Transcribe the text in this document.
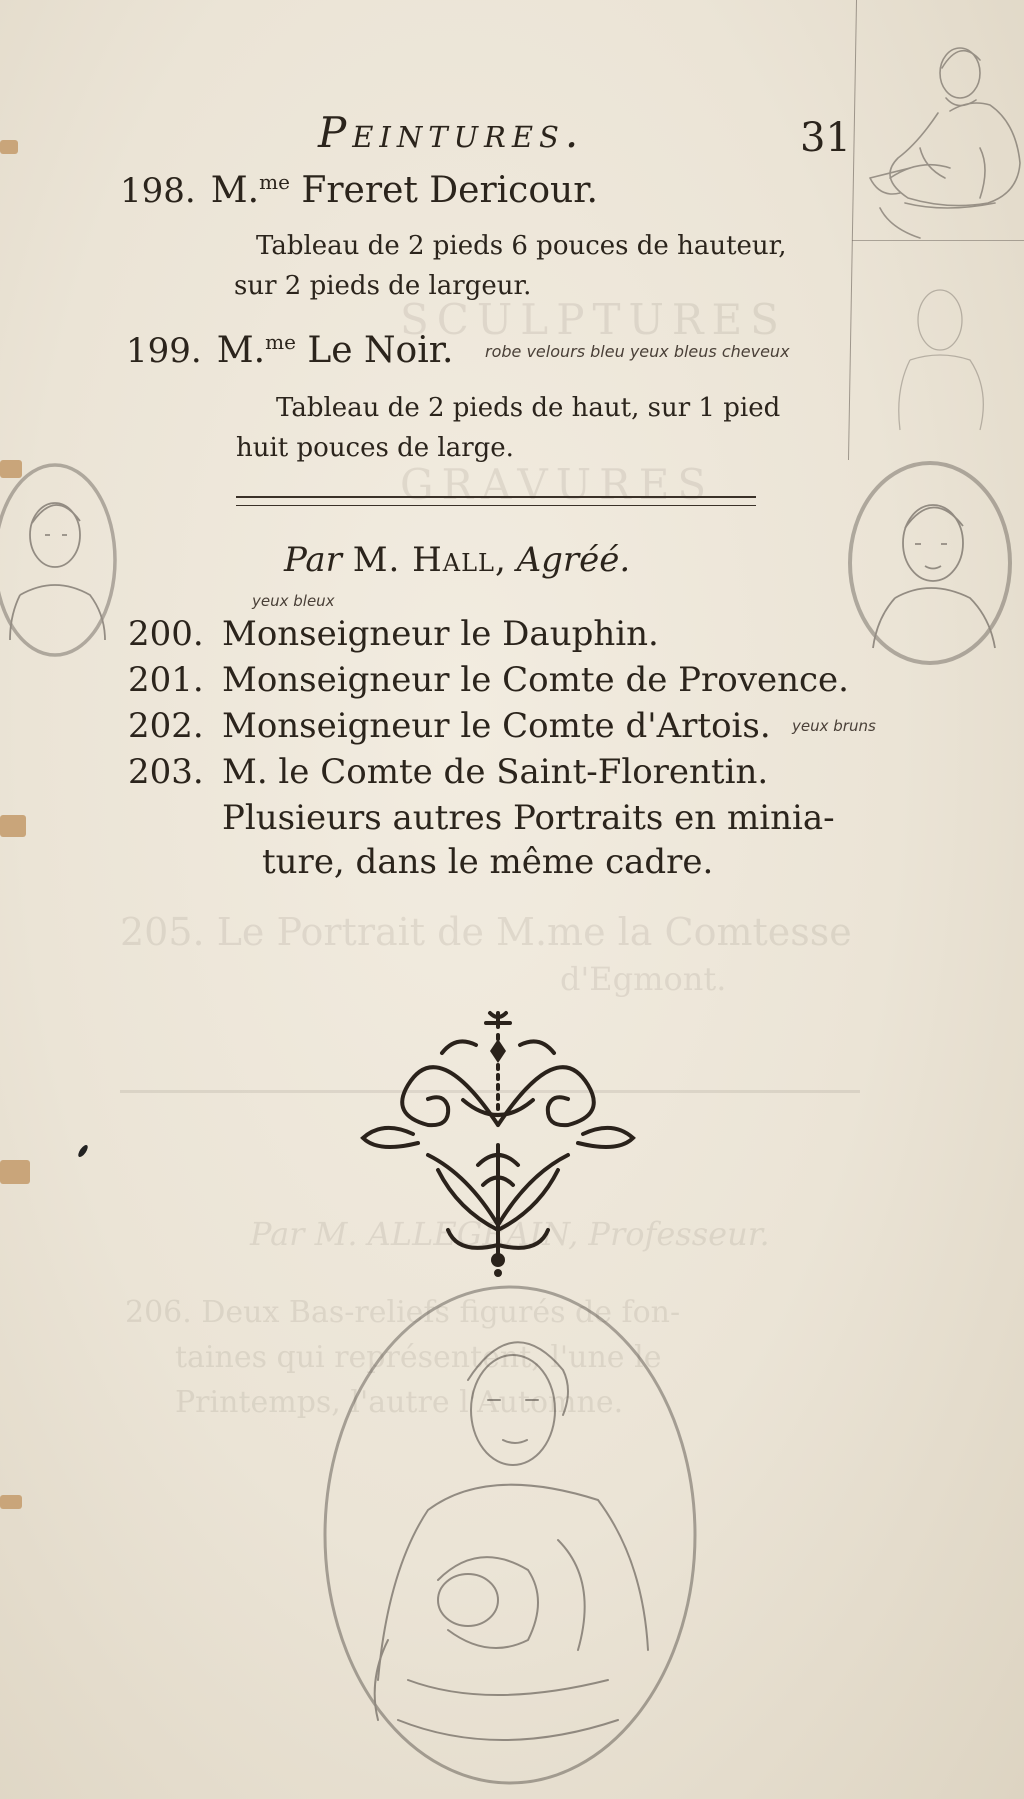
SCULPTURES
GRAVURES
205. Le Portrait de M.me la Comtesse
d'Egmont.
Par M. ALLEGRAIN, Professeur.
206. Deux Bas-reliefs figurés de fon-
taines qui représentent, l'une le
Printemps, l'autre l'Automne.
Peintures.	31
198. M.$^{me}$ Freret Dericour.
Tableau de 2 pieds 6 pouces de hauteur,
sur 2 pieds de largeur.
199. M.$^{me}$ Le Noir. robe velours bleu yeux bleus cheveux
Tableau de 2 pieds de haut, sur 1 pied
huit pouces de large.
Par M. Hall, Agréé.
yeux bleux
200. Monseigneur le Dauphin.
201. Monseigneur le Comte de Provence.
202. Monseigneur le Comte d'Artois. yeux bruns
203. M. le Comte de Saint-Florentin.
Plusieurs autres Portraits en minia-
ture, dans le même cadre.
